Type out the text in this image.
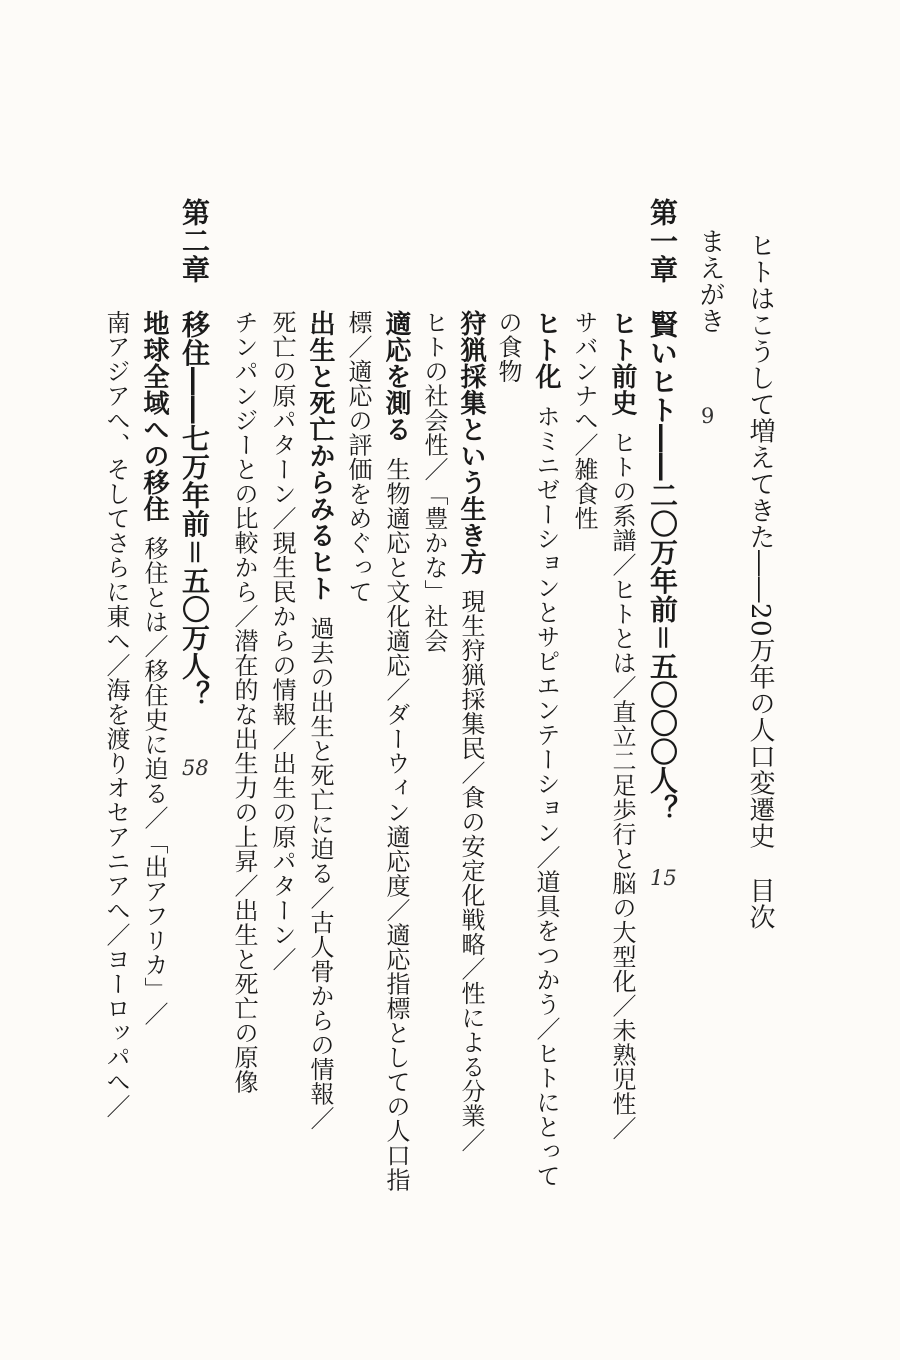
ヒトはこうして増えてきた――20万年の人口変遷史目次
まえがき
9
第一章
賢いヒト――二〇万年前＝五〇〇〇人？
15
ヒト前史ヒトの系譜／ヒトとは／直立二足歩行と脳の大型化／未熟児性／
サバンナへ／雑食性
ヒト化ホミニゼーションとサピエンテーション／道具をつかう／ヒトにとって
の食物
狩猟採集という生き方現生狩猟採集民／食の安定化戦略／性による分業／
ヒトの社会性／「豊かな」社会
適応を測る生物適応と文化適応／ダーウィン適応度／適応指標としての人口指
標／適応の評価をめぐって
出生と死亡からみるヒト過去の出生と死亡に迫る／古人骨からの情報／
死亡の原パターン／現生民からの情報／出生の原パターン／
チンパンジーとの比較から／潜在的な出生力の上昇／出生と死亡の原像
第二章
移住――七万年前＝五〇万人？
58
地球全域への移住移住とは／移住史に迫る／「出アフリカ」／
南アジアへ、そしてさらに東へ／海を渡りオセアニアへ／ヨーロッパへ／
